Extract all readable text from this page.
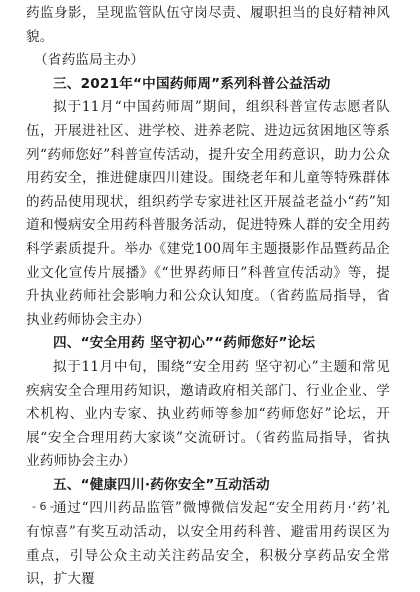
药监身影，呈现监管队伍守岗尽责、履职担当的良好精神风貌。

（省药监局主办）

三、2021年“中国药师周”系列科普公益活动

拟于11月“中国药师周”期间，组织科普宣传志愿者队伍，开展进社区、进学校、进养老院、进边远贫困地区等系列“药师您好”科普宣传活动，提升安全用药意识，助力公众用药安全，推进健康四川建设。围绕老年和儿童等特殊群体的药品使用现状，组织药学专家进社区开展益老益小“药”知道和慢病安全用药科普服务活动，促进特殊人群的安全用药科学素质提升。举办《建党100周年主题摄影作品暨药品企业文化宣传片展播》《“世界药师日”科普宣传活动》等，提升执业药师社会影响力和公众认知度。（省药监局指导，省执业药师协会主办）

四、“安全用药 坚守初心”“药师您好”论坛

拟于11月中旬，围绕“安全用药 坚守初心”主题和常见疾病安全合理用药知识，邀请政府相关部门、行业企业、学术机构、业内专家、执业药师等参加“药师您好”论坛，开展“安全合理用药大家谈”交流研讨。（省药监局指导，省执业药师协会主办）

五、“健康四川·药你安全”互动活动

通过“四川药品监管”微博微信发起“安全用药月·‘药’礼有惊喜”有奖互动活动，以安全用药科普、避雷用药误区为重点，引导公众主动关注药品安全，积极分享药品安全常识，扩大覆

- 6 -
